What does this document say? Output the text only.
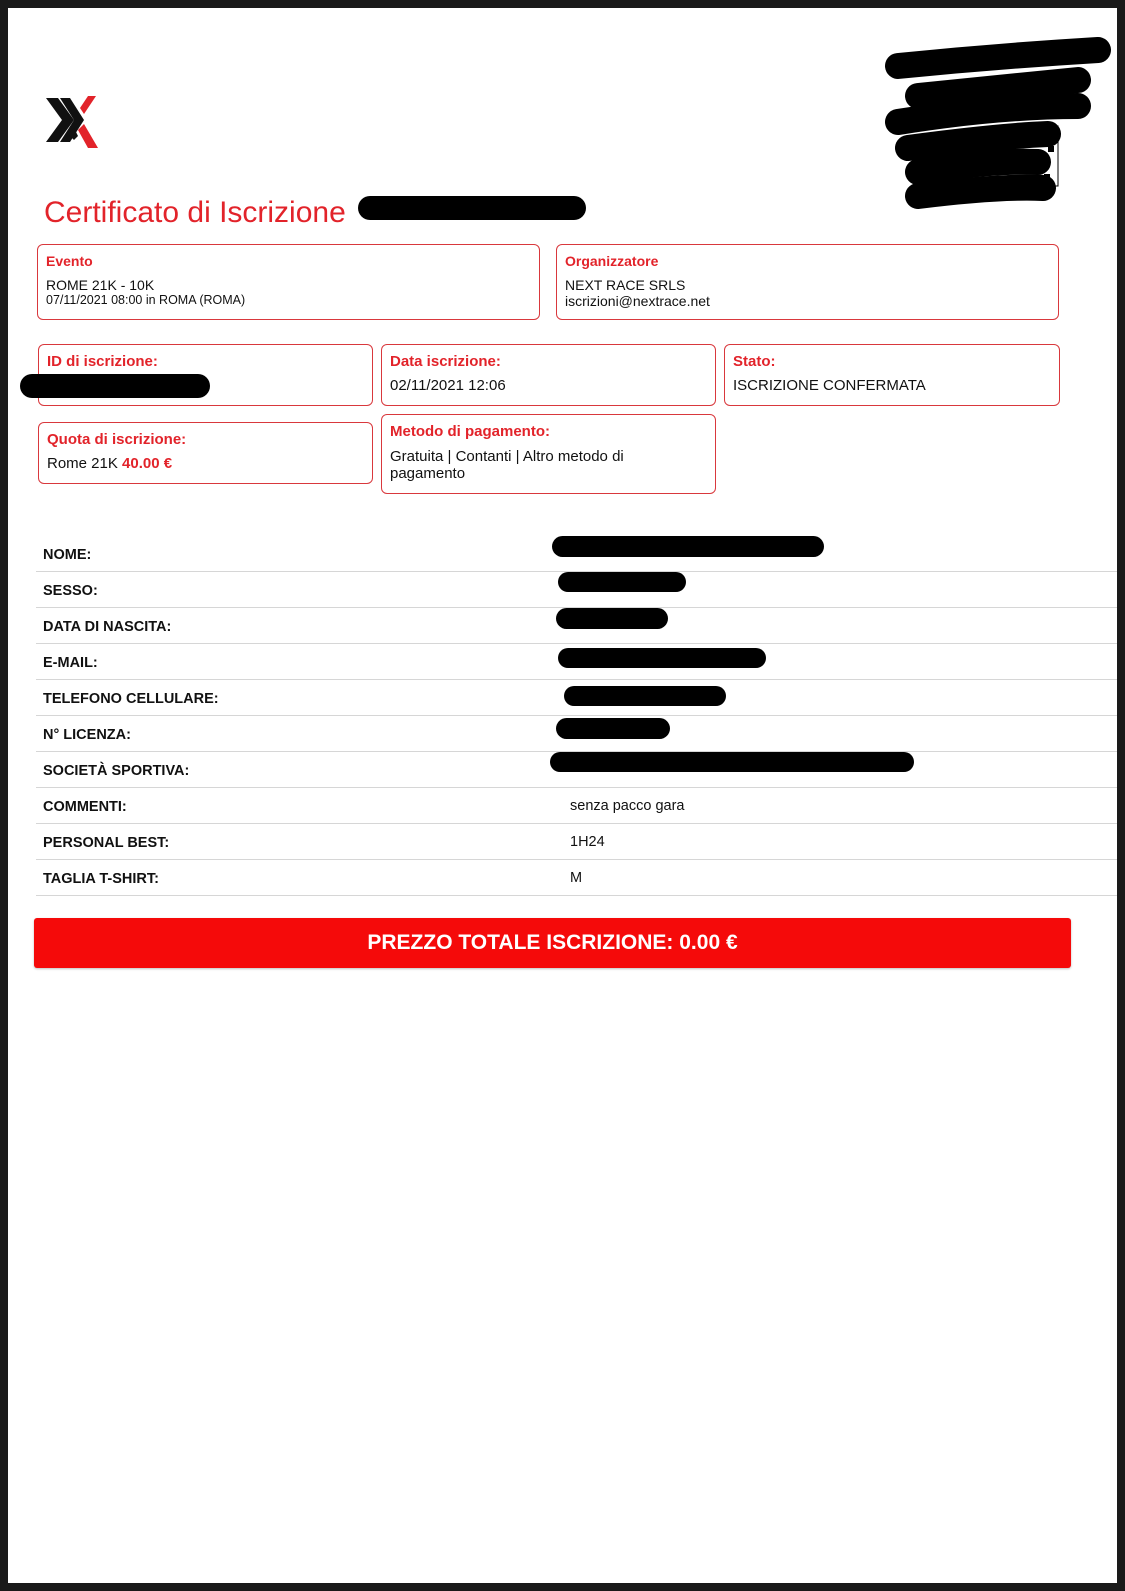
Certificato di Iscrizione
Evento
ROME 21K - 10K
07/11/2021 08:00 in ROMA (ROMA)
Organizzatore
NEXT RACE SRLS
iscrizioni@nextrace.net
ID di iscrizione:	Data iscrizione:
02/11/2021 12:06
Stato:
ISCRIZIONE CONFERMATA
Quota di iscrizione:
Rome 21K 40.00 €
Metodo di pagamento:
Gratuita | Contanti | Altro metodo di pagamento
NOME:
SESSO:
DATA DI NASCITA:
E-MAIL:
TELEFONO CELLULARE:
N° LICENZA:
SOCIETÀ SPORTIVA:
COMMENTI:	senza pacco gara
PERSONAL BEST:	1H24
TAGLIA T-SHIRT:	M
PREZZO TOTALE ISCRIZIONE: 0.00 €
